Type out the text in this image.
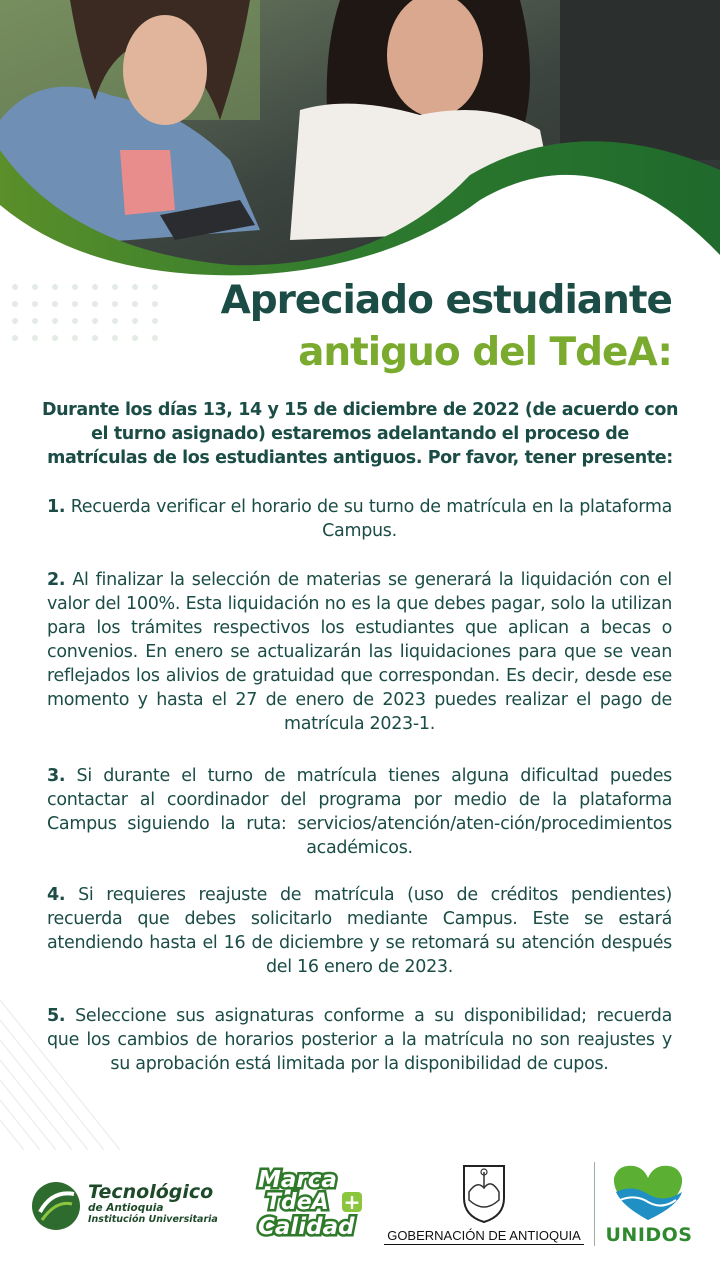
Apreciado estudiante
antiguo del TdeA:
Durante los días 13, 14 y 15 de diciembre de 2022 (de acuerdo con el turno asignado) estaremos adelantando el proceso de matrículas de los estudiantes antiguos. Por favor, tener presente:
1. Recuerda verificar el horario de su turno de matrícula en la plataforma Campus.
2. Al finalizar la selección de materias se generará la liquidación con el valor del 100%. Esta liquidación no es la que debes pagar, solo la utilizan para los trámites respectivos los estudiantes que aplican a becas o convenios. En enero se actualizarán las liquidaciones para que se vean reflejados los alivios de gratuidad que correspondan. Es decir, desde ese momento y hasta el 27 de enero de 2023 puedes realizar el pago de matrícula 2023-1.
3. Si durante el turno de matrícula tienes alguna dificultad puedes contactar al coordinador del programa por medio de la plataforma Campus siguiendo la ruta: servicios/atención/aten-ción/procedimientos académicos.
4. Si requieres reajuste de matrícula (uso de créditos pendientes) recuerda que debes solicitarlo mediante Campus. Este se estará atendiendo hasta el 16 de diciembre y se retomará su atención después del 16 enero de 2023.
5. Seleccione sus asignaturas conforme a su disponibilidad; recuerda que los cambios de horarios posterior a la matrícula no son reajustes y su aprobación está limitada por la disponibilidad de cupos.
Tecnológico
de Antioquia
Institución Universitaria
Marca
TdeA +
Calidad	GOBERNACIÓN DE ANTIOQUIA UNIDOS
